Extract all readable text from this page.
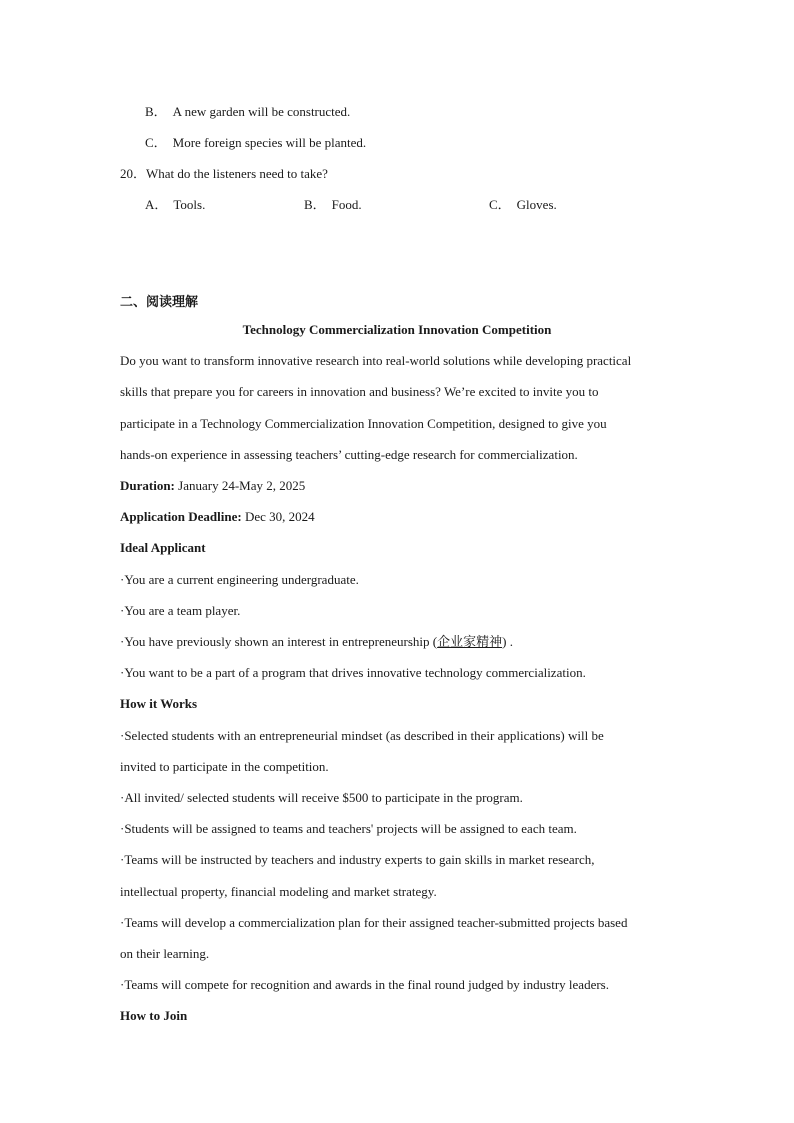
B． A new garden will be constructed.
C． More foreign species will be planted.
20．What do the listeners need to take?
A． Tools.	B． Food.	C． Gloves.
二、阅读理解
Technology Commercialization Innovation Competition
Do you want to transform innovative research into real-world solutions while developing practical
skills that prepare you for careers in innovation and business? We’re excited to invite you to
participate in a Technology Commercialization Innovation Competition, designed to give you
hands-on experience in assessing teachers’ cutting-edge research for commercialization.
Duration: January 24-May 2, 2025
Application Deadline: Dec 30, 2024
Ideal Applicant
·You are a current engineering undergraduate.
·You are a team player.
·You have previously shown an interest in entrepreneurship (企业家精神) .
·You want to be a part of a program that drives innovative technology commercialization.
How it Works
·Selected students with an entrepreneurial mindset (as described in their applications) will be
invited to participate in the competition.
·All invited/ selected students will receive $500 to participate in the program.
·Students will be assigned to teams and teachers' projects will be assigned to each team.
·Teams will be instructed by teachers and industry experts to gain skills in market research,
intellectual property, financial modeling and market strategy.
·Teams will develop a commercialization plan for their assigned teacher-submitted projects based
on their learning.
·Teams will compete for recognition and awards in the final round judged by industry leaders.
How to Join
